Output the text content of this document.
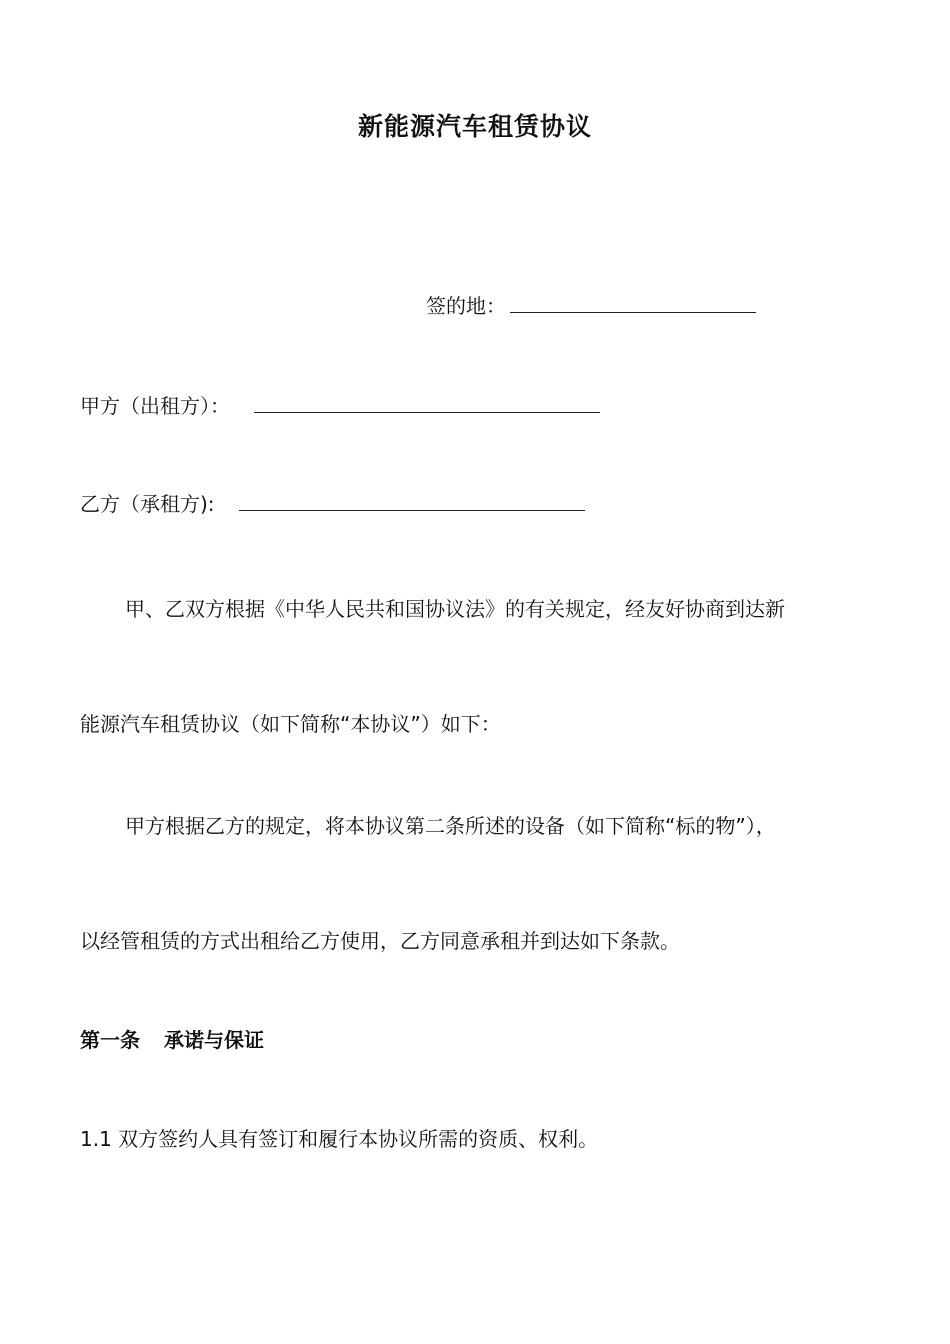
新能源汽车租赁协议
签的地：
甲方（出租方）：
乙方（承租方):
甲、乙双方根据《中华人民共和国协议法》的有关规定，经友好协商到达新
能源汽车租赁协议（如下简称“本协议”）如下：
甲方根据乙方的规定，将本协议第二条所述的设备（如下简称“标的物”），
以经管租赁的方式出租给乙方使用，乙方同意承租并到达如下条款。
第一条 承诺与保证
1.1 双方签约人具有签订和履行本协议所需的资质、权利。
